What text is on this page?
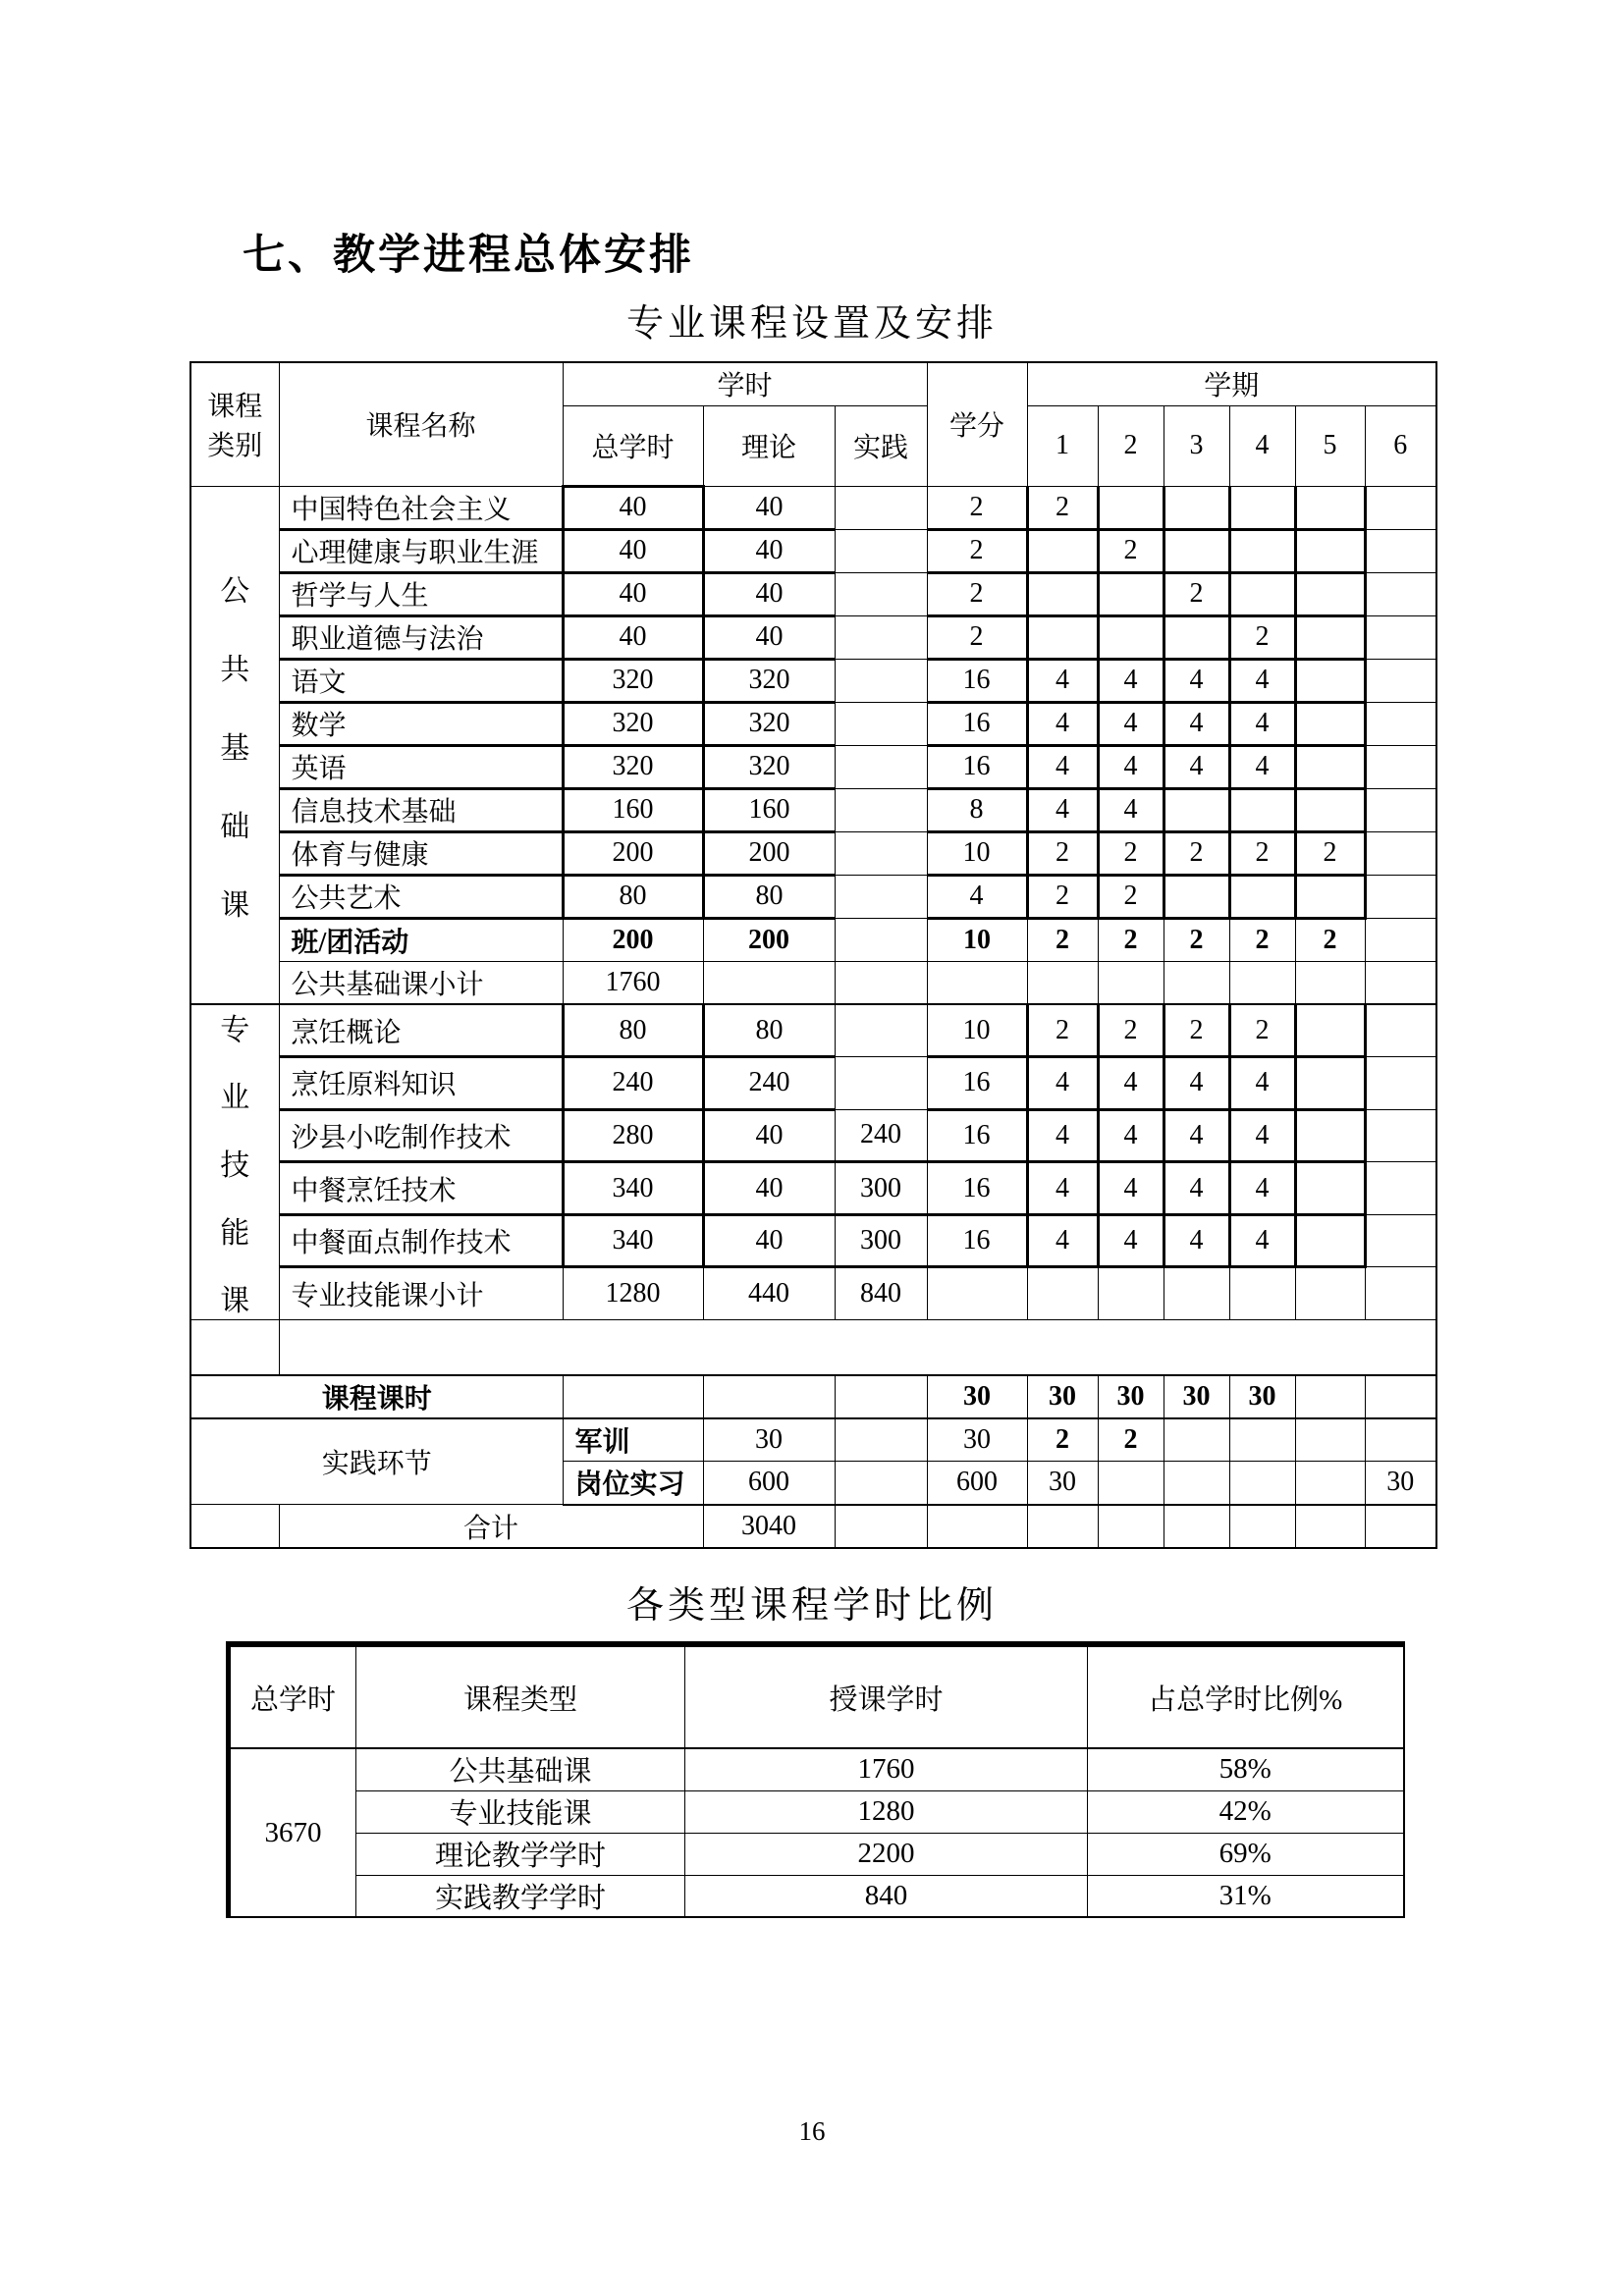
七、教学进程总体安排
专业课程设置及安排
课程
类别	课程名称	学时			学分	学期					
		总学时	理论	实践		1	2	3	4	5	6

公
共
基
础
课	中国特色社会主义	40	40		2	2					
	心理健康与职业生涯	40	40		2		2				
	哲学与人生	40	40		2			2			
	职业道德与法治	40	40		2				2		
	语文	320	320		16	4	4	4	4		
	数学	320	320		16	4	4	4	4		
	英语	320	320		16	4	4	4	4		
	信息技术基础	160	160		8	4	4				
	体育与健康	200	200		10	2	2	2	2	2	
	公共艺术	80	80		4	2	2				
	班/团活动	200	200		10	2	2	2	2	2	
	公共基础课小计	1760									

专
业
技
能
课	烹饪概论	80	80		10	2	2	2	2		
	烹饪原料知识	240	240		16	4	4	4	4		
	沙县小吃制作技术	280	40	240	16	4	4	4	4		
	中餐烹饪技术	340	40	300	16	4	4	4	4		
	中餐面点制作技术	340	40	300	16	4	4	4	4		
	专业技能课小计	1280	440	840							

课程课时					30	30	30	30	30		
实践环节		军训	30		30	2	2				
		岗位实习	600		600	30					30
	合计		3040								
各类型课程学时比例
总学时	课程类型	授课学时	占总学时比例%
3670	公共基础课	1760	58%
	专业技能课	1280	42%
	理论教学学时	2200	69%
	实践教学学时	840	31%
16
